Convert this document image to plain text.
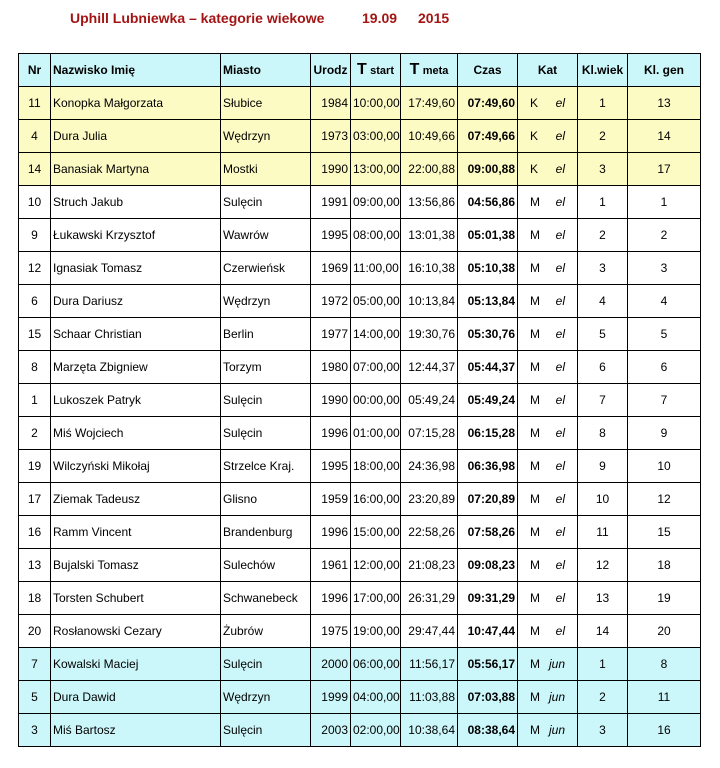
Uphill Lubniewka – kategorie wiekowe	19.09 2015
Nr	Nazwisko Imię	Miasto	Urodz	T start	T meta	Czas	Kat	Kl.wiek	Kl. gen
11	Konopka Małgorzata	Słubice	1984	10:00,00	17:49,60	07:49,60	K el	1	13
4	Dura Julia	Wędrzyn	1973	03:00,00	10:49,66	07:49,66	K el	2	14
14	Banasiak Martyna	Mostki	1990	13:00,00	22:00,88	09:00,88	K el	3	17
10	Struch Jakub	Sulęcin	1991	09:00,00	13:56,86	04:56,86	M el	1	1
9	Łukawski Krzysztof	Wawrów	1995	08:00,00	13:01,38	05:01,38	M el	2	2
12	Ignasiak Tomasz	Czerwieńsk	1969	11:00,00	16:10,38	05:10,38	M el	3	3
6	Dura Dariusz	Wędrzyn	1972	05:00,00	10:13,84	05:13,84	M el	4	4
15	Schaar Christian	Berlin	1977	14:00,00	19:30,76	05:30,76	M el	5	5
8	Marzęta Zbigniew	Torzym	1980	07:00,00	12:44,37	05:44,37	M el	6	6
1	Lukoszek Patryk	Sulęcin	1990	00:00,00	05:49,24	05:49,24	M el	7	7
2	Miś Wojciech	Sulęcin	1996	01:00,00	07:15,28	06:15,28	M el	8	9
19	Wilczyński Mikołaj	Strzelce Kraj.	1995	18:00,00	24:36,98	06:36,98	M el	9	10
17	Ziemak Tadeusz	Glisno	1959	16:00,00	23:20,89	07:20,89	M el	10	12
16	Ramm Vincent	Brandenburg	1996	15:00,00	22:58,26	07:58,26	M el	11	15
13	Bujalski Tomasz	Sulechów	1961	12:00,00	21:08,23	09:08,23	M el	12	18
18	Torsten Schubert	Schwanebeck	1996	17:00,00	26:31,29	09:31,29	M el	13	19
20	Rosłanowski Cezary	Żubrów	1975	19:00,00	29:47,44	10:47,44	M el	14	20
7	Kowalski Maciej	Sulęcin	2000	06:00,00	11:56,17	05:56,17	M jun	1	8
5	Dura Dawid	Wędrzyn	1999	04:00,00	11:03,88	07:03,88	M jun	2	11
3	Miś Bartosz	Sulęcin	2003	02:00,00	10:38,64	08:38,64	M jun	3	16
